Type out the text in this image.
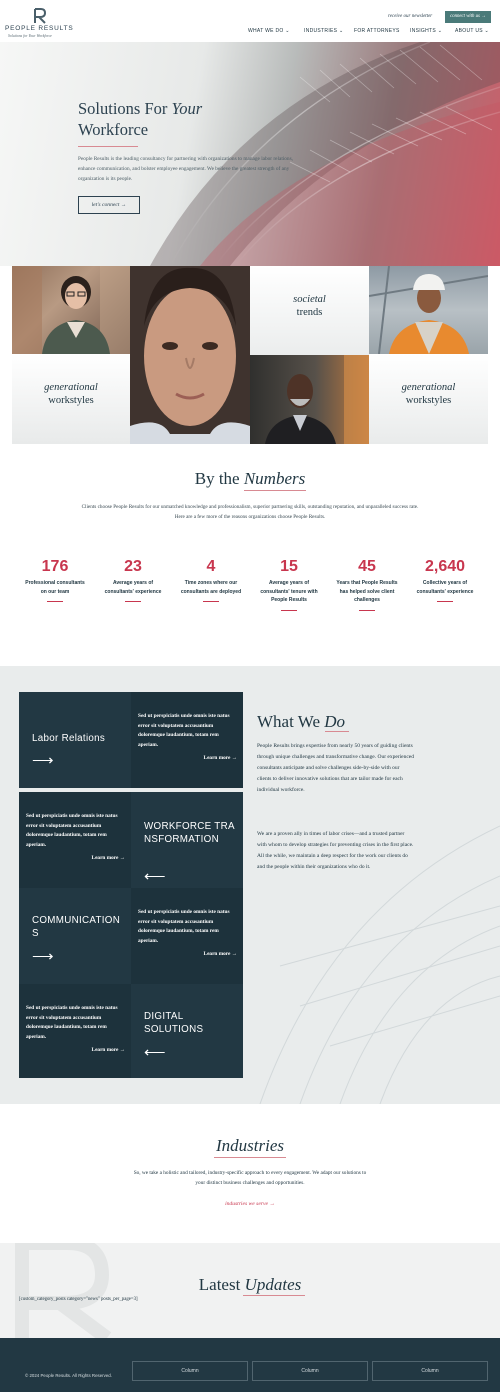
PEOPLE RESULTS
Solutions for Your Workforce
receive our newsletter	connect with us →
WHAT WE DO ⌄	INDUSTRIES ⌄ FOR ATTORNEYS INSIGHTS ⌄	ABOUT US ⌄
Solutions For Your
Workforce

People Results is the leading consultancy for partnering with organizations to manage labor relations, enhance communication, and bolster employee engagement. We believe the greatest strength of any organization is its people.

let's connect →
generational
workstyles
societal
trends
generational
workstyles
By the Numbers

Clients choose People Results for our unmatched knowledge and professionalism, superior partnering skills, outstanding reputation, and unparalleled success rate. Here are a few more of the reasons organizations choose People Results.

176
Professional consultants on our team
23
Average years of consultants' experience
4
Time zones where our consultants are deployed
15
Average years of consultants' tenure with People Results
45
Years that People Results has helped solve client challenges
2,640
Collective years of consultants' experience
Labor Relations
⟶

Sed ut perspiciatis unde omnis iste natus error sit voluptatem accusantium doloremque laudantium, totam rem aperiam.

Learn more →

Sed ut perspiciatis unde omnis iste natus error sit voluptatem accusantium doloremque laudantium, totam rem aperiam.

Learn more →
WORKFORCE TRANSFORMATION
⟵
COMMUNICATIONS
⟶

Sed ut perspiciatis unde omnis iste natus error sit voluptatem accusantium doloremque laudantium, totam rem aperiam.

Learn more →

Sed ut perspiciatis unde omnis iste natus error sit voluptatem accusantium doloremque laudantium, totam rem aperiam.

Learn more →
DIGITAL SOLUTIONS
⟵
What We Do

People Results brings expertise from nearly 50 years of guiding clients through unique challenges and transformative change. Our experienced consultants anticipate and solve challenges side-by-side with our clients to deliver innovative solutions that are tailor made for each individual workforce.

We are a proven ally in times of labor crises—and a trusted partner with whom to develop strategies for preventing crises in the first place. All the while, we maintain a deep respect for the work our clients do and the people within their organizations who do it.

Industries

So, we take a holistic and tailored, industry-specific approach to every engagement. We adapt our solutions to your distinct business challenges and opportunities.

industries we serve →
Latest Updates
[custom_category_posts category="news" posts_per_page=3]
© 2024 People Results. All Rights Reserved.
Column	Column	Column
